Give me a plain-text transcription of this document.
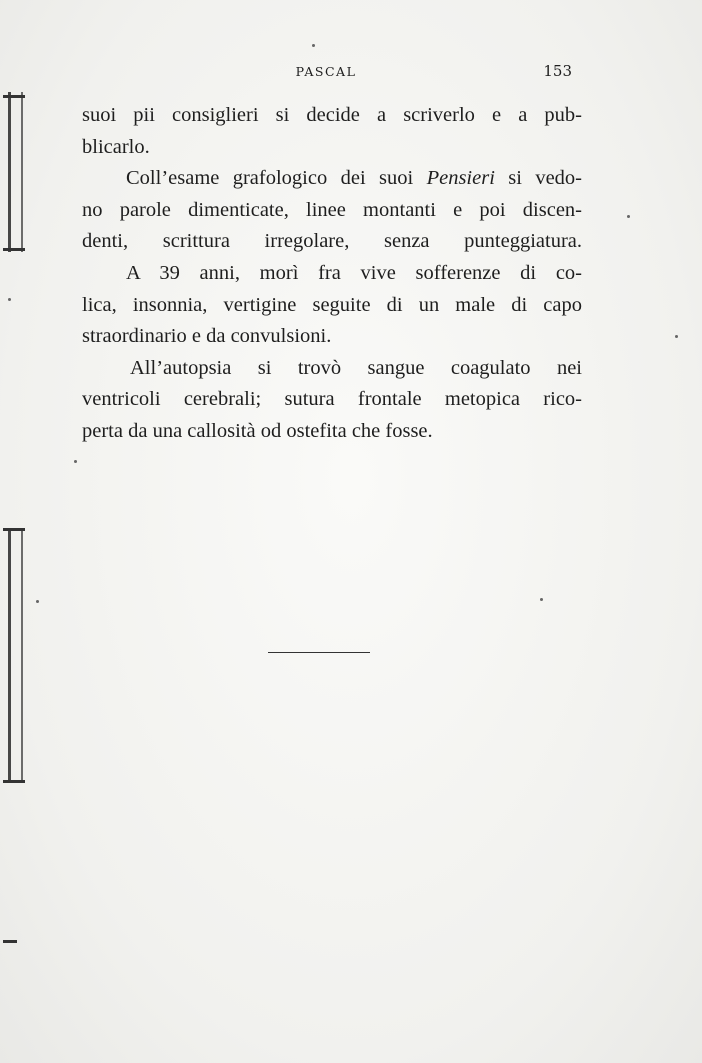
PASCAL	153
suoi pii consiglieri si decide a scriverlo e a pub-
blicarlo.
Coll’esame grafologico dei suoi Pensieri si vedo-
no parole dimenticate, linee montanti e poi discen-
denti, scrittura irregolare, senza punteggiatura.
A 39 anni, morì fra vive sofferenze di co-
lica, insonnia, vertigine seguite di un male di capo
straordinario e da convulsioni.
All’autopsia si trovò sangue coagulato nei
ventricoli cerebrali; sutura frontale metopica rico-
perta da una callosità od ostefita che fosse.
